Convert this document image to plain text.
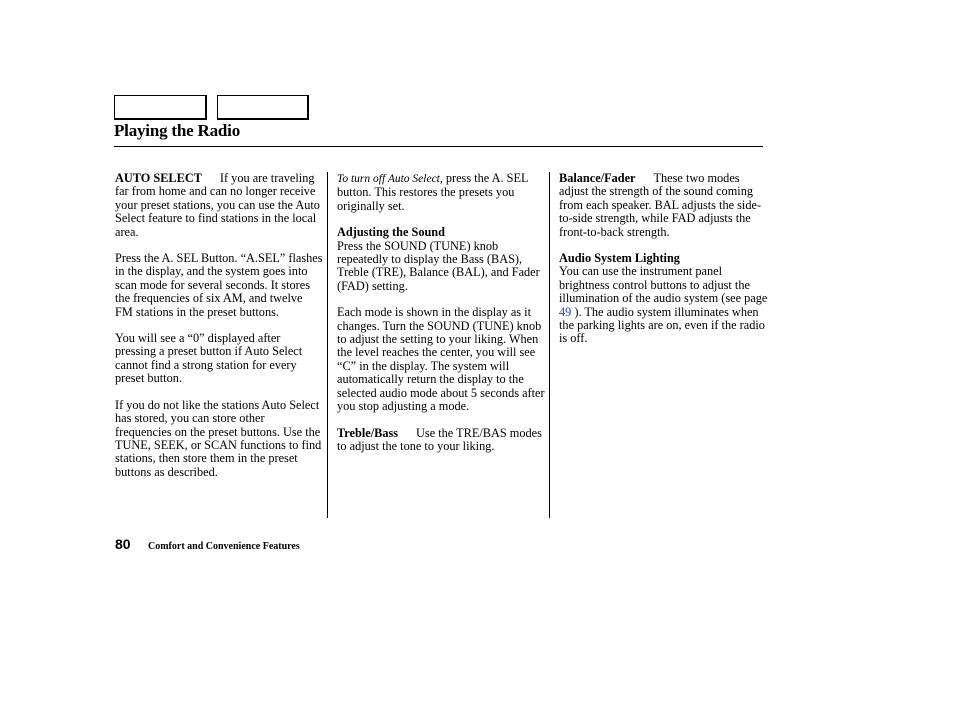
Playing the Radio

AUTO SELECT If you are traveling far from home and can no longer receive your preset stations, you can use the Auto Select feature to find stations in the local area.

Press the A. SEL Button. “A.SEL” flashes in the display, and the system goes into scan mode for several seconds. It stores the frequencies of six AM, and twelve FM stations in the preset buttons.

You will see a “0” displayed after pressing a preset button if Auto Select cannot find a strong station for every preset button.

If you do not like the stations Auto Select has stored, you can store other frequencies on the preset buttons. Use the TUNE, SEEK, or SCAN functions to find stations, then store them in the preset buttons as described.

To turn off Auto Select, press the A. SEL button. This restores the presets you originally set.

Adjusting the Sound
Press the SOUND (TUNE) knob repeatedly to display the Bass (BAS), Treble (TRE), Balance (BAL), and Fader (FAD) setting.

Each mode is shown in the display as it changes. Turn the SOUND (TUNE) knob to adjust the setting to your liking. When the level reaches the center, you will see “C” in the display. The system will automatically return the display to the selected audio mode about 5 seconds after you stop adjusting a mode.

Treble/Bass Use the TRE/BAS modes to adjust the tone to your liking.

Balance/Fader These two modes adjust the strength of the sound coming from each speaker. BAL adjusts the side-to-side strength, while FAD adjusts the front-to-back strength.

Audio System Lighting
You can use the instrument panel brightness control buttons to adjust the illumination of the audio system (see page 49 ). The audio system illuminates when the parking lights are on, even if the radio is off.

80 Comfort and Convenience Features
